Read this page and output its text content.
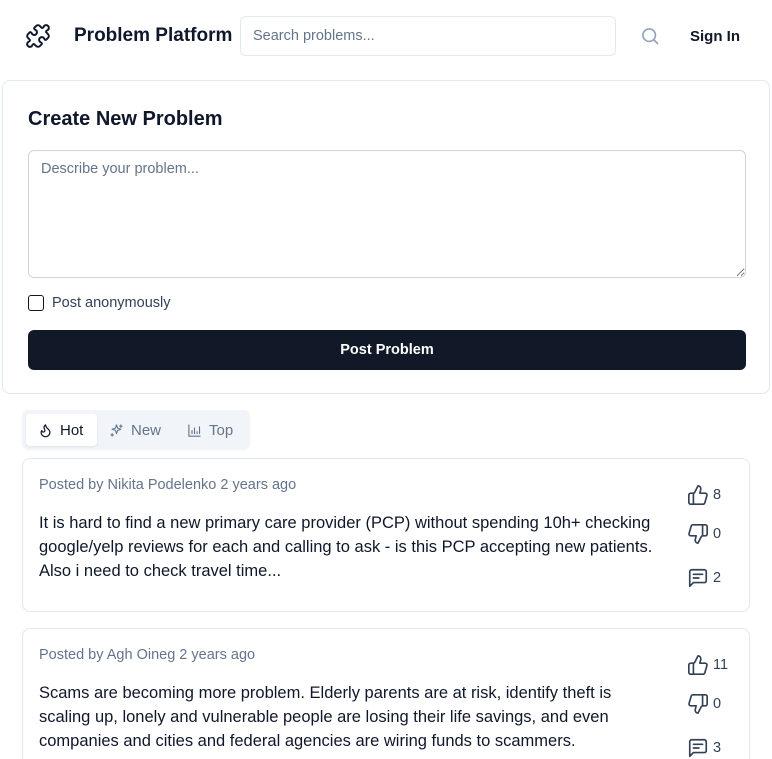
Problem Platform
Search problems...	Sign In
Create New Problem
Describe your problem...
Post anonymously
Post Problem
Hot	New	Top
Posted by Nikita Podelenko 2 years ago
It is hard to find a new primary care provider (PCP) without spending 10h+ checking google/yelp reviews for each and calling to ask - is this PCP accepting new patients. Also i need to check travel time...
8
0
2
Posted by Agh Oineg 2 years ago
Scams are becoming more problem. Elderly parents are at risk, identify theft is scaling up, lonely and vulnerable people are losing their life savings, and even companies and cities and federal agencies are wiring funds to scammers.
11
0
3
